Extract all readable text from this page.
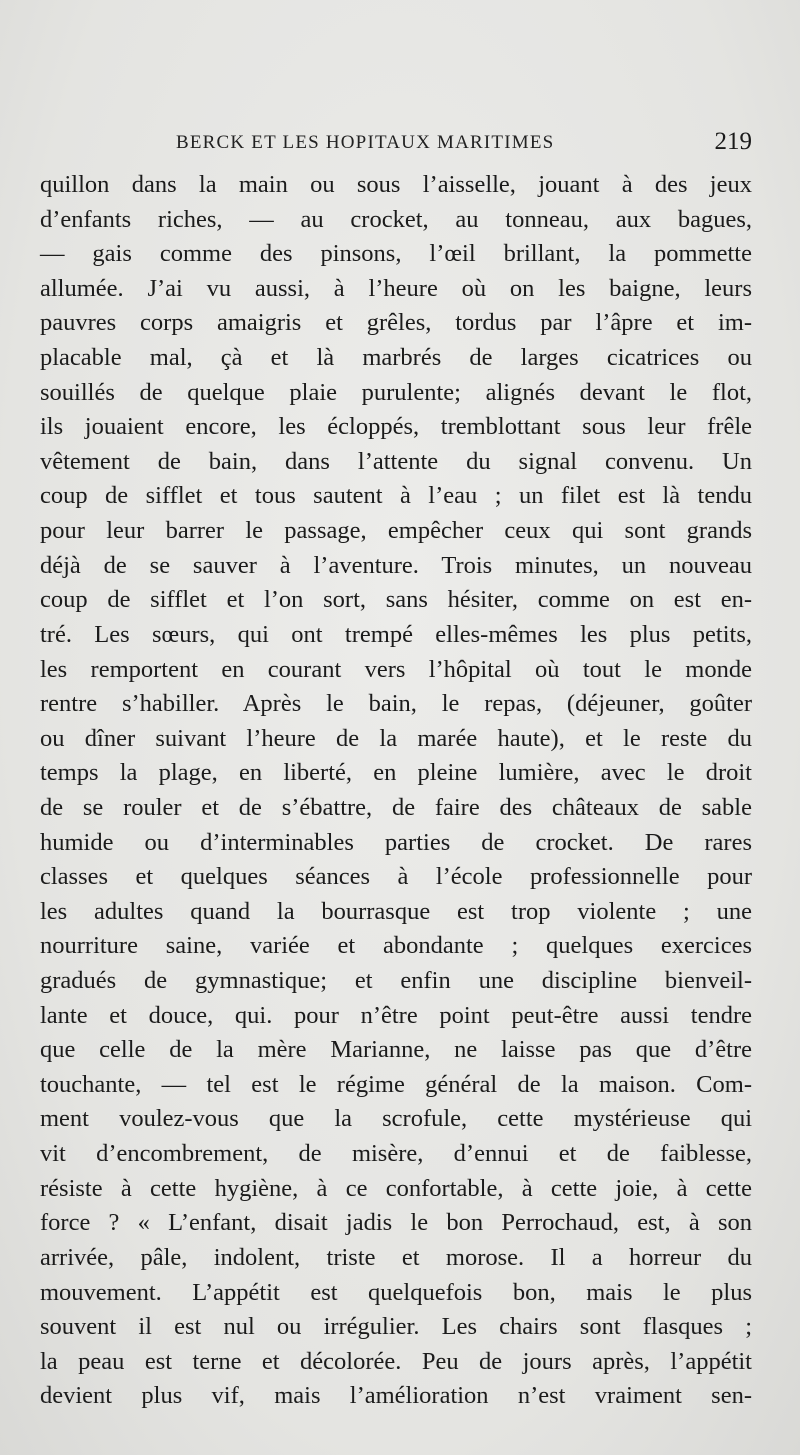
BERCK ET LES HOPITAUX MARITIMES	219
quillon dans la main ou sous l’aisselle, jouant à des jeux
d’enfants riches, — au crocket, au tonneau, aux bagues,
— gais comme des pinsons, l’œil brillant, la pommette
allumée. J’ai vu aussi, à l’heure où on les baigne, leurs
pauvres corps amaigris et grêles, tordus par l’âpre et im-
placable mal, çà et là marbrés de larges cicatrices ou
souillés de quelque plaie purulente; alignés devant le flot,
ils jouaient encore, les écloppés, tremblottant sous leur frêle
vêtement de bain, dans l’attente du signal convenu. Un
coup de sifflet et tous sautent à l’eau ; un filet est là tendu
pour leur barrer le passage, empêcher ceux qui sont grands
déjà de se sauver à l’aventure. Trois minutes, un nouveau
coup de sifflet et l’on sort, sans hésiter, comme on est en-
tré. Les sœurs, qui ont trempé elles-mêmes les plus petits,
les remportent en courant vers l’hôpital où tout le monde
rentre s’habiller. Après le bain, le repas, (déjeuner, goûter
ou dîner suivant l’heure de la marée haute), et le reste du
temps la plage, en liberté, en pleine lumière, avec le droit
de se rouler et de s’ébattre, de faire des châteaux de sable
humide ou d’interminables parties de crocket. De rares
classes et quelques séances à l’école professionnelle pour
les adultes quand la bourrasque est trop violente ; une
nourriture saine, variée et abondante ; quelques exercices
gradués de gymnastique; et enfin une discipline bienveil-
lante et douce, qui. pour n’être point peut-être aussi tendre
que celle de la mère Marianne, ne laisse pas que d’être
touchante, — tel est le régime général de la maison. Com-
ment voulez-vous que la scrofule, cette mystérieuse qui
vit d’encombrement, de misère, d’ennui et de faiblesse,
résiste à cette hygiène, à ce confortable, à cette joie, à cette
force ? « L’enfant, disait jadis le bon Perrochaud, est, à son
arrivée, pâle, indolent, triste et morose. Il a horreur du
mouvement. L’appétit est quelquefois bon, mais le plus
souvent il est nul ou irrégulier. Les chairs sont flasques ;
la peau est terne et décolorée. Peu de jours après, l’appétit
devient plus vif, mais l’amélioration n’est vraiment sen-
